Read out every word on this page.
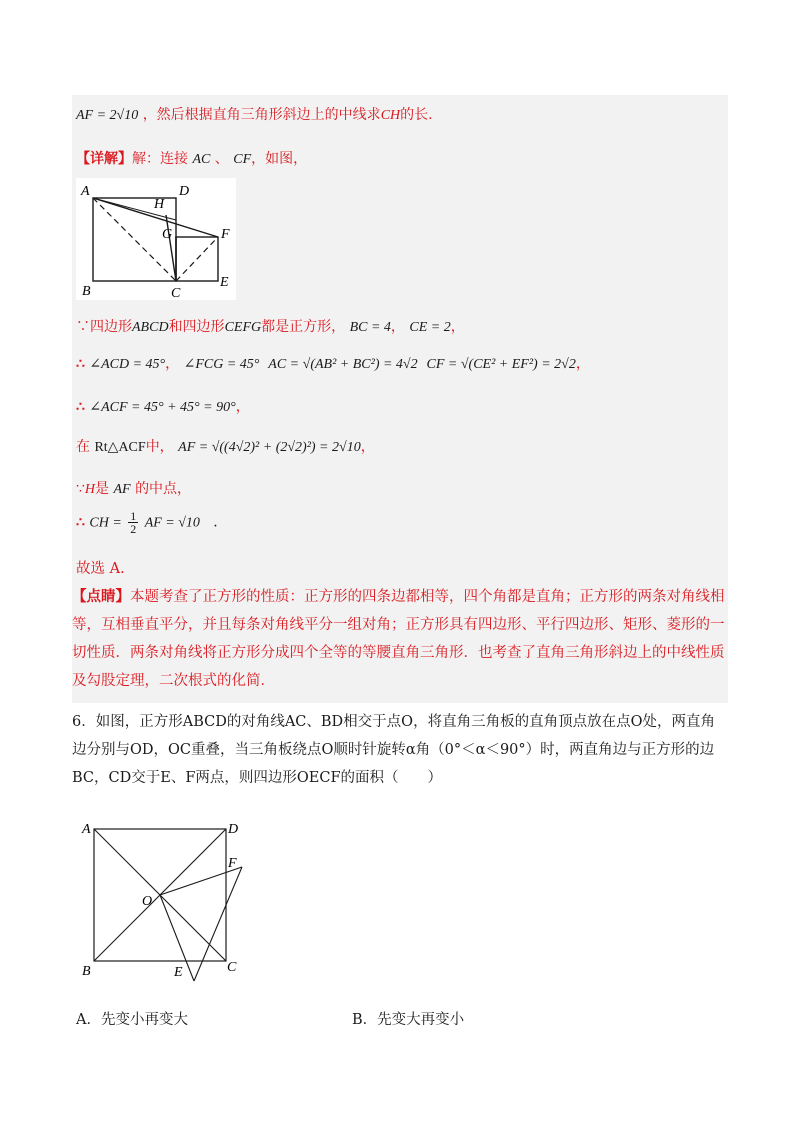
AF = 2√10 ，然后根据直角三角形斜边上的中线求CH的长.
【详解】解：连接 AC 、 CF，如图，
A	D
H
G	F
B	C
E
∵四边形ABCD和四边形CEFG都是正方形， BC = 4， CE = 2，
∴ ∠ACD = 45°， ∠FCG = 45° AC = √(AB² + BC²) = 4√2 CF = √(CE² + EF²) = 2√2，
∴ ∠ACF = 45° + 45° = 90°，
在 Rt△ACF中， AF = √((4√2)² + (2√2)²) = 2√10，
∵H是 AF 的中点，
∴ CH = $\frac{1}{2}$ AF = √10 .
故选 A.
【点睛】本题考查了正方形的性质：正方形的四条边都相等，四个角都是直角；正方形的两条对角线相等，互相垂直平分，并且每条对角线平分一组对角；正方形具有四边形、平行四边形、矩形、菱形的一切性质．两条对角线将正方形分成四个全等的等腰直角三角形．也考查了直角三角形斜边上的中线性质及勾股定理，二次根式的化简．
6．如图，正方形ABCD的对角线AC、BD相交于点O，将直角三角板的直角顶点放在点O处，两直角边分别与OD，OC重叠，当三角板绕点O顺时针旋转α角（0°＜α＜90°）时，两直角边与正方形的边BC，CD交于E、F两点，则四边形OECF的面积（　　）
A	D
F
O
B	E	C
A．先变小再变大	B．先变大再变小
